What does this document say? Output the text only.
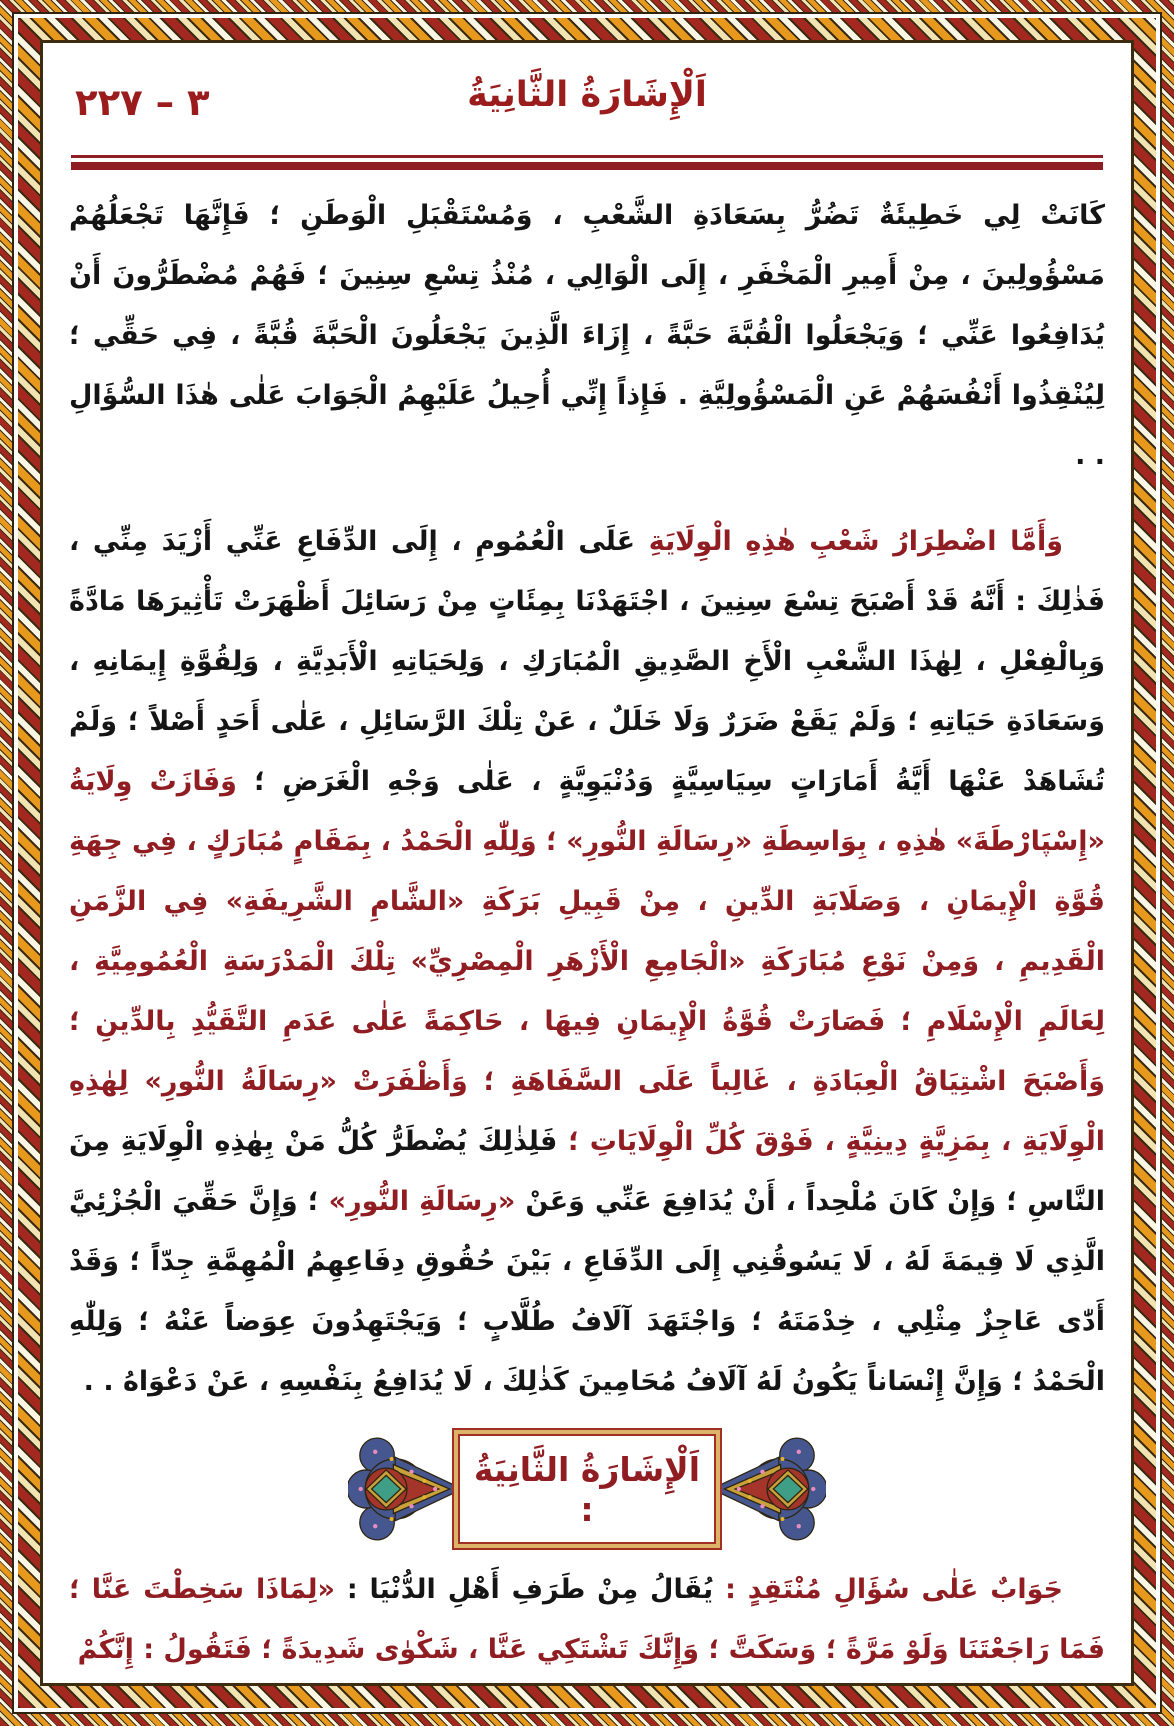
٣ – ٢٢٧	اَلْإِشَارَةُ الثَّانِيَةُ

كَانَتْ لِي خَطِيئَةٌ تَضُرُّ بِسَعَادَةِ الشَّعْبِ ، وَمُسْتَقْبَلِ الْوَطَنِ ؛ فَإِنَّهَا تَجْعَلُهُمْ مَسْؤُولِينَ ، مِنْ أَمِيرِ الْمَخْفَرِ ، إِلَى الْوَالِي ، مُنْذُ تِسْعِ سِنِينَ ؛ فَهُمْ مُضْطَرُّونَ أَنْ يُدَافِعُوا عَنِّي ؛ وَيَجْعَلُوا الْقُبَّةَ حَبَّةً ، إِزَاءَ الَّذِينَ يَجْعَلُونَ الْحَبَّةَ قُبَّةً ، فِي حَقِّي ؛ لِيُنْقِذُوا أَنْفُسَهُمْ عَنِ الْمَسْؤُولِيَّةِ . فَإِذاً إِنِّي أُحِيلُ عَلَيْهِمُ الْجَوَابَ عَلٰى هٰذَا السُّؤَالِ . .

وَأَمَّا اضْطِرَارُ شَعْبِ هٰذِهِ الْوِلَايَةِ عَلَى الْعُمُومِ ، إِلَى الدِّفَاعِ عَنِّي أَزْيَدَ مِنِّي ، فَذٰلِكَ : أَنَّهُ قَدْ أَصْبَحَ تِسْعَ سِنِينَ ، اجْتَهَدْنَا بِمِئَاتٍ مِنْ رَسَائِلَ أَظْهَرَتْ تَأْثِيرَهَا مَادَّةً وَبِالْفِعْلِ ، لِهٰذَا الشَّعْبِ الْأَخِ الصَّدِيقِ الْمُبَارَكِ ، وَلِحَيَاتِهِ الْأَبَدِيَّةِ ، وَلِقُوَّةِ إِيمَانِهِ ، وَسَعَادَةِ حَيَاتِهِ ؛ وَلَمْ يَقَعْ ضَرَرٌ وَلَا خَلَلٌ ، عَنْ تِلْكَ الرَّسَائِلِ ، عَلٰى أَحَدٍ أَصْلاً ؛ وَلَمْ تُشَاهَدْ عَنْهَا أَيَّةُ أَمَارَاتٍ سِيَاسِيَّةٍ وَدُنْيَوِيَّةٍ ، عَلٰى وَجْهِ الْغَرَضِ ؛ وَفَازَتْ وِلَايَةُ «إِسْپَارْطَةَ» هٰذِهِ ، بِوَاسِطَةِ «رِسَالَةِ النُّورِ» ؛ وَلِلّٰهِ الْحَمْدُ ، بِمَقَامٍ مُبَارَكٍ ، فِي جِهَةِ قُوَّةِ الْإِيمَانِ ، وَصَلَابَةِ الدِّينِ ، مِنْ قَبِيلِ بَرَكَةِ «الشَّامِ الشَّرِيفَةِ» فِي الزَّمَنِ الْقَدِيمِ ، وَمِنْ نَوْعِ مُبَارَكَةِ «الْجَامِعِ الْأَزْهَرِ الْمِصْرِيِّ» تِلْكَ الْمَدْرَسَةِ الْعُمُومِيَّةِ ، لِعَالَمِ الْإِسْلَامِ ؛ فَصَارَتْ قُوَّةُ الْإِيمَانِ فِيهَا ، حَاكِمَةً عَلٰى عَدَمِ التَّقَيُّدِ بِالدِّينِ ؛ وَأَصْبَحَ اشْتِيَاقُ الْعِبَادَةِ ، غَالِباً عَلَى السَّفَاهَةِ ؛ وَأَظْفَرَتْ «رِسَالَةُ النُّورِ» لِهٰذِهِ الْوِلَايَةِ ، بِمَزِيَّةٍ دِينِيَّةٍ ، فَوْقَ كُلِّ الْوِلَايَاتِ ؛ فَلِذٰلِكَ يُضْطَرُّ كُلُّ مَنْ بِهٰذِهِ الْوِلَايَةِ مِنَ النَّاسِ ؛ وَإِنْ كَانَ مُلْحِداً ، أَنْ يُدَافِعَ عَنِّي وَعَنْ «رِسَالَةِ النُّورِ» ؛ وَإِنَّ حَقِّيَ الْجُزْئِيَّ الَّذِي لَا قِيمَةَ لَهُ ، لَا يَسُوقُنِي إِلَى الدِّفَاعِ ، بَيْنَ حُقُوقِ دِفَاعِهِمُ الْمُهِمَّةِ جِدّاً ؛ وَقَدْ أَدّٰى عَاجِزٌ مِثْلِي ، خِدْمَتَهُ ؛ وَاجْتَهَدَ آلَافُ طُلَّابٍ ؛ وَيَجْتَهِدُونَ عِوَضاً عَنْهُ ؛ وَلِلّٰهِ الْحَمْدُ ؛ وَإِنَّ إِنْسَاناً يَكُونُ لَهُ آلَافُ مُحَامِينَ كَذٰلِكَ ، لَا يُدَافِعُ بِنَفْسِهِ ، عَنْ دَعْوَاهُ . .

اَلْإِشَارَةُ الثَّانِيَةُ :

جَوَابٌ عَلٰى سُؤَالِ مُنْتَقِدٍ : يُقَالُ مِنْ طَرَفِ أَهْلِ الدُّنْيَا : «لِمَاذَا سَخِطْتَ عَنَّا ؛ فَمَا رَاجَعْتَنَا وَلَوْ مَرَّةً ؛ وَسَكَتَّ ؛ وَإِنَّكَ تَشْتَكِي عَنَّا ، شَكْوٰى شَدِيدَةً ؛ فَتَقُولُ : إِنَّكُمْ
